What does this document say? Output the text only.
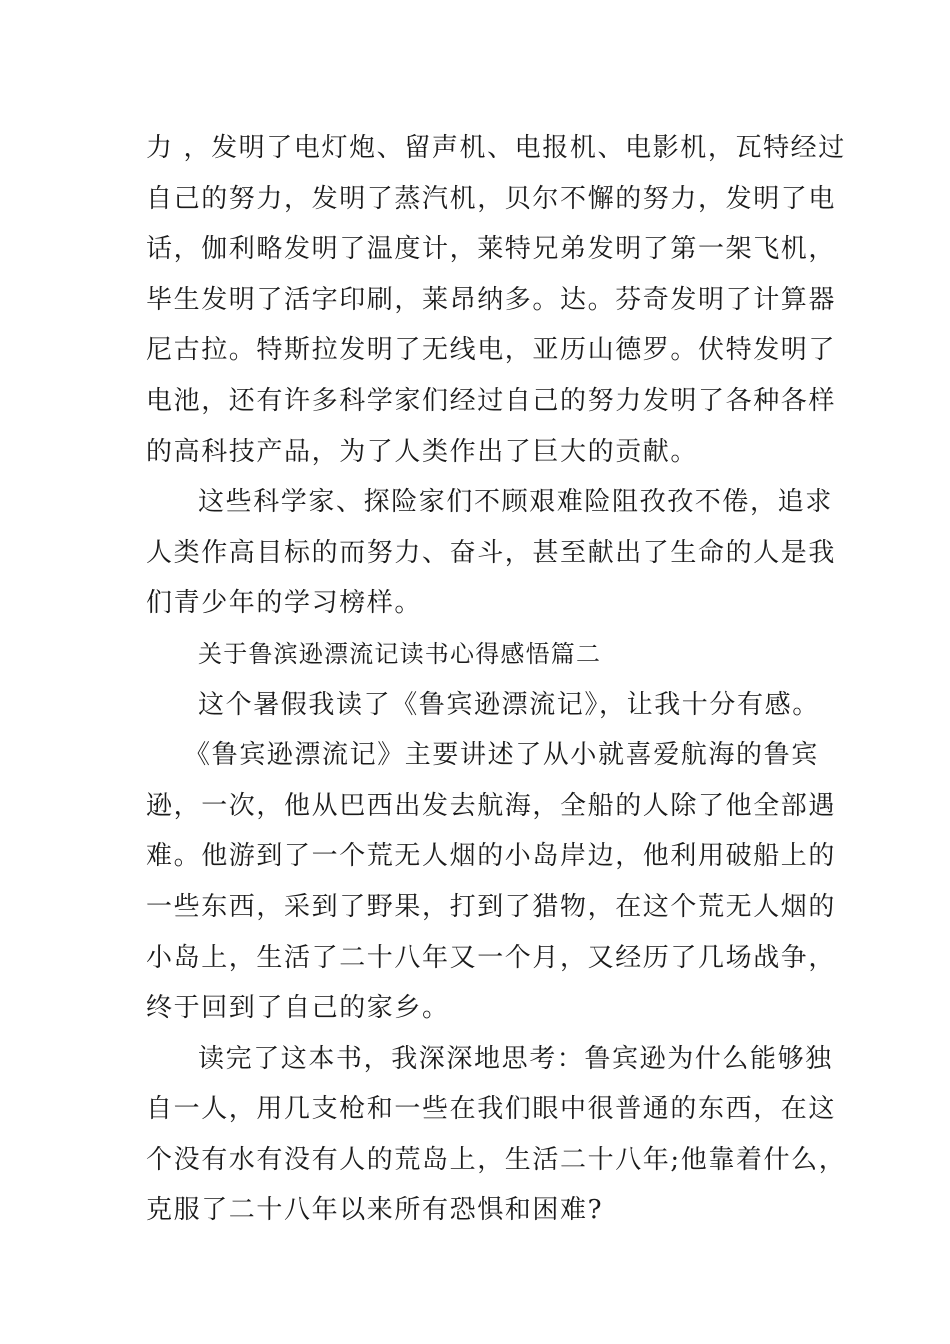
力 ，发明了电灯炮、留声机、电报机、电影机，瓦特经过
自己的努力，发明了蒸汽机，贝尔不懈的努力，发明了电
话，伽利略发明了温度计，莱特兄弟发明了第一架飞机，
毕生发明了活字印刷，莱昂纳多。达。芬奇发明了计算器
尼古拉。特斯拉发明了无线电，亚历山德罗。伏特发明了
电池，还有许多科学家们经过自己的努力发明了各种各样
的高科技产品，为了人类作出了巨大的贡献。
这些科学家、探险家们不顾艰难险阻孜孜不倦，追求
人类作高目标的而努力、奋斗，甚至献出了生命的人是我
们青少年的学习榜样。
关于鲁滨逊漂流记读书心得感悟篇二
这个暑假我读了《鲁宾逊漂流记》，让我十分有感。
《鲁宾逊漂流记》主要讲述了从小就喜爱航海的鲁宾
逊，一次，他从巴西出发去航海，全船的人除了他全部遇
难。他游到了一个荒无人烟的小岛岸边，他利用破船上的
一些东西，采到了野果，打到了猎物，在这个荒无人烟的
小岛上，生活了二十八年又一个月，又经历了几场战争，
终于回到了自己的家乡。
读完了这本书，我深深地思考：鲁宾逊为什么能够独
自一人，用几支枪和一些在我们眼中很普通的东西，在这
个没有水有没有人的荒岛上，生活二十八年;他靠着什么，
克服了二十八年以来所有恐惧和困难?
